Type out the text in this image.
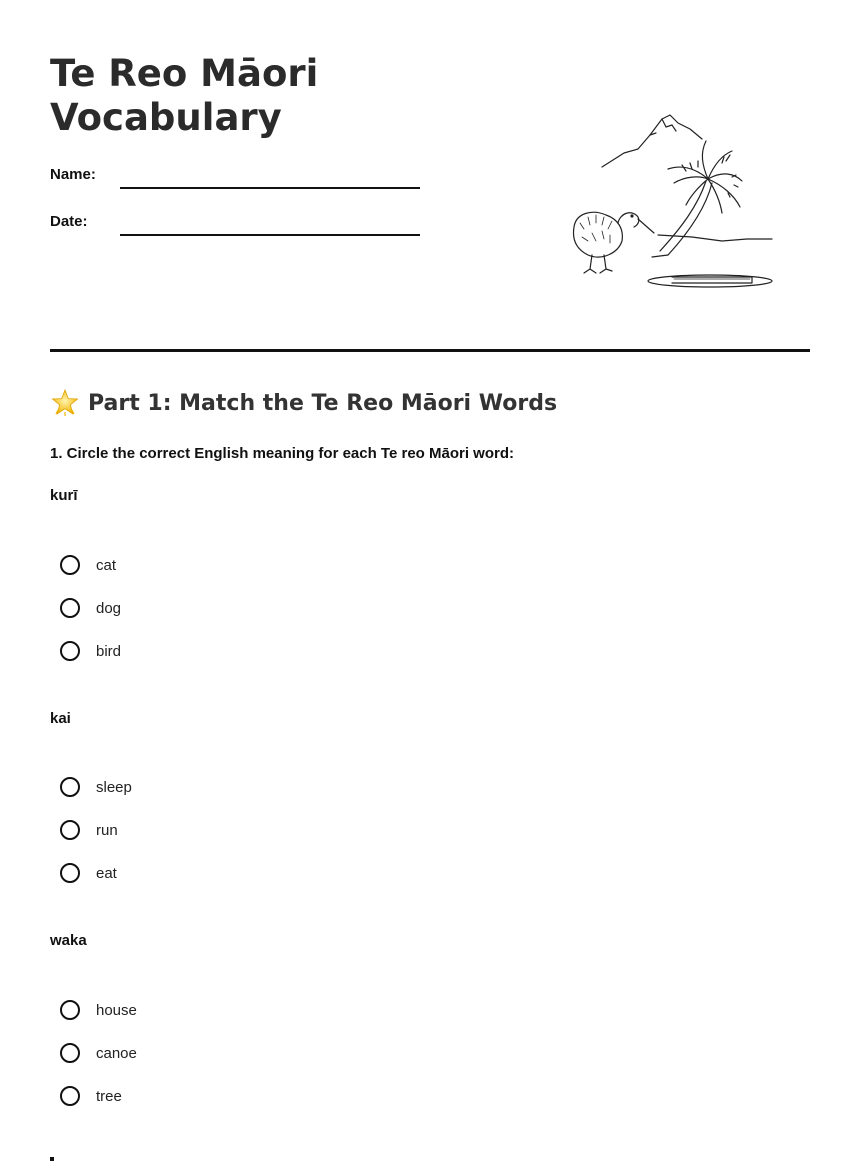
Te Reo Māori
Vocabulary
Name:
Date:
Part 1: Match the Te Reo Māori Words
1. Circle the correct English meaning for each Te reo Māori word:
kurī
cat
dog
bird
kai
sleep
run
eat
waka
house
canoe
tree
